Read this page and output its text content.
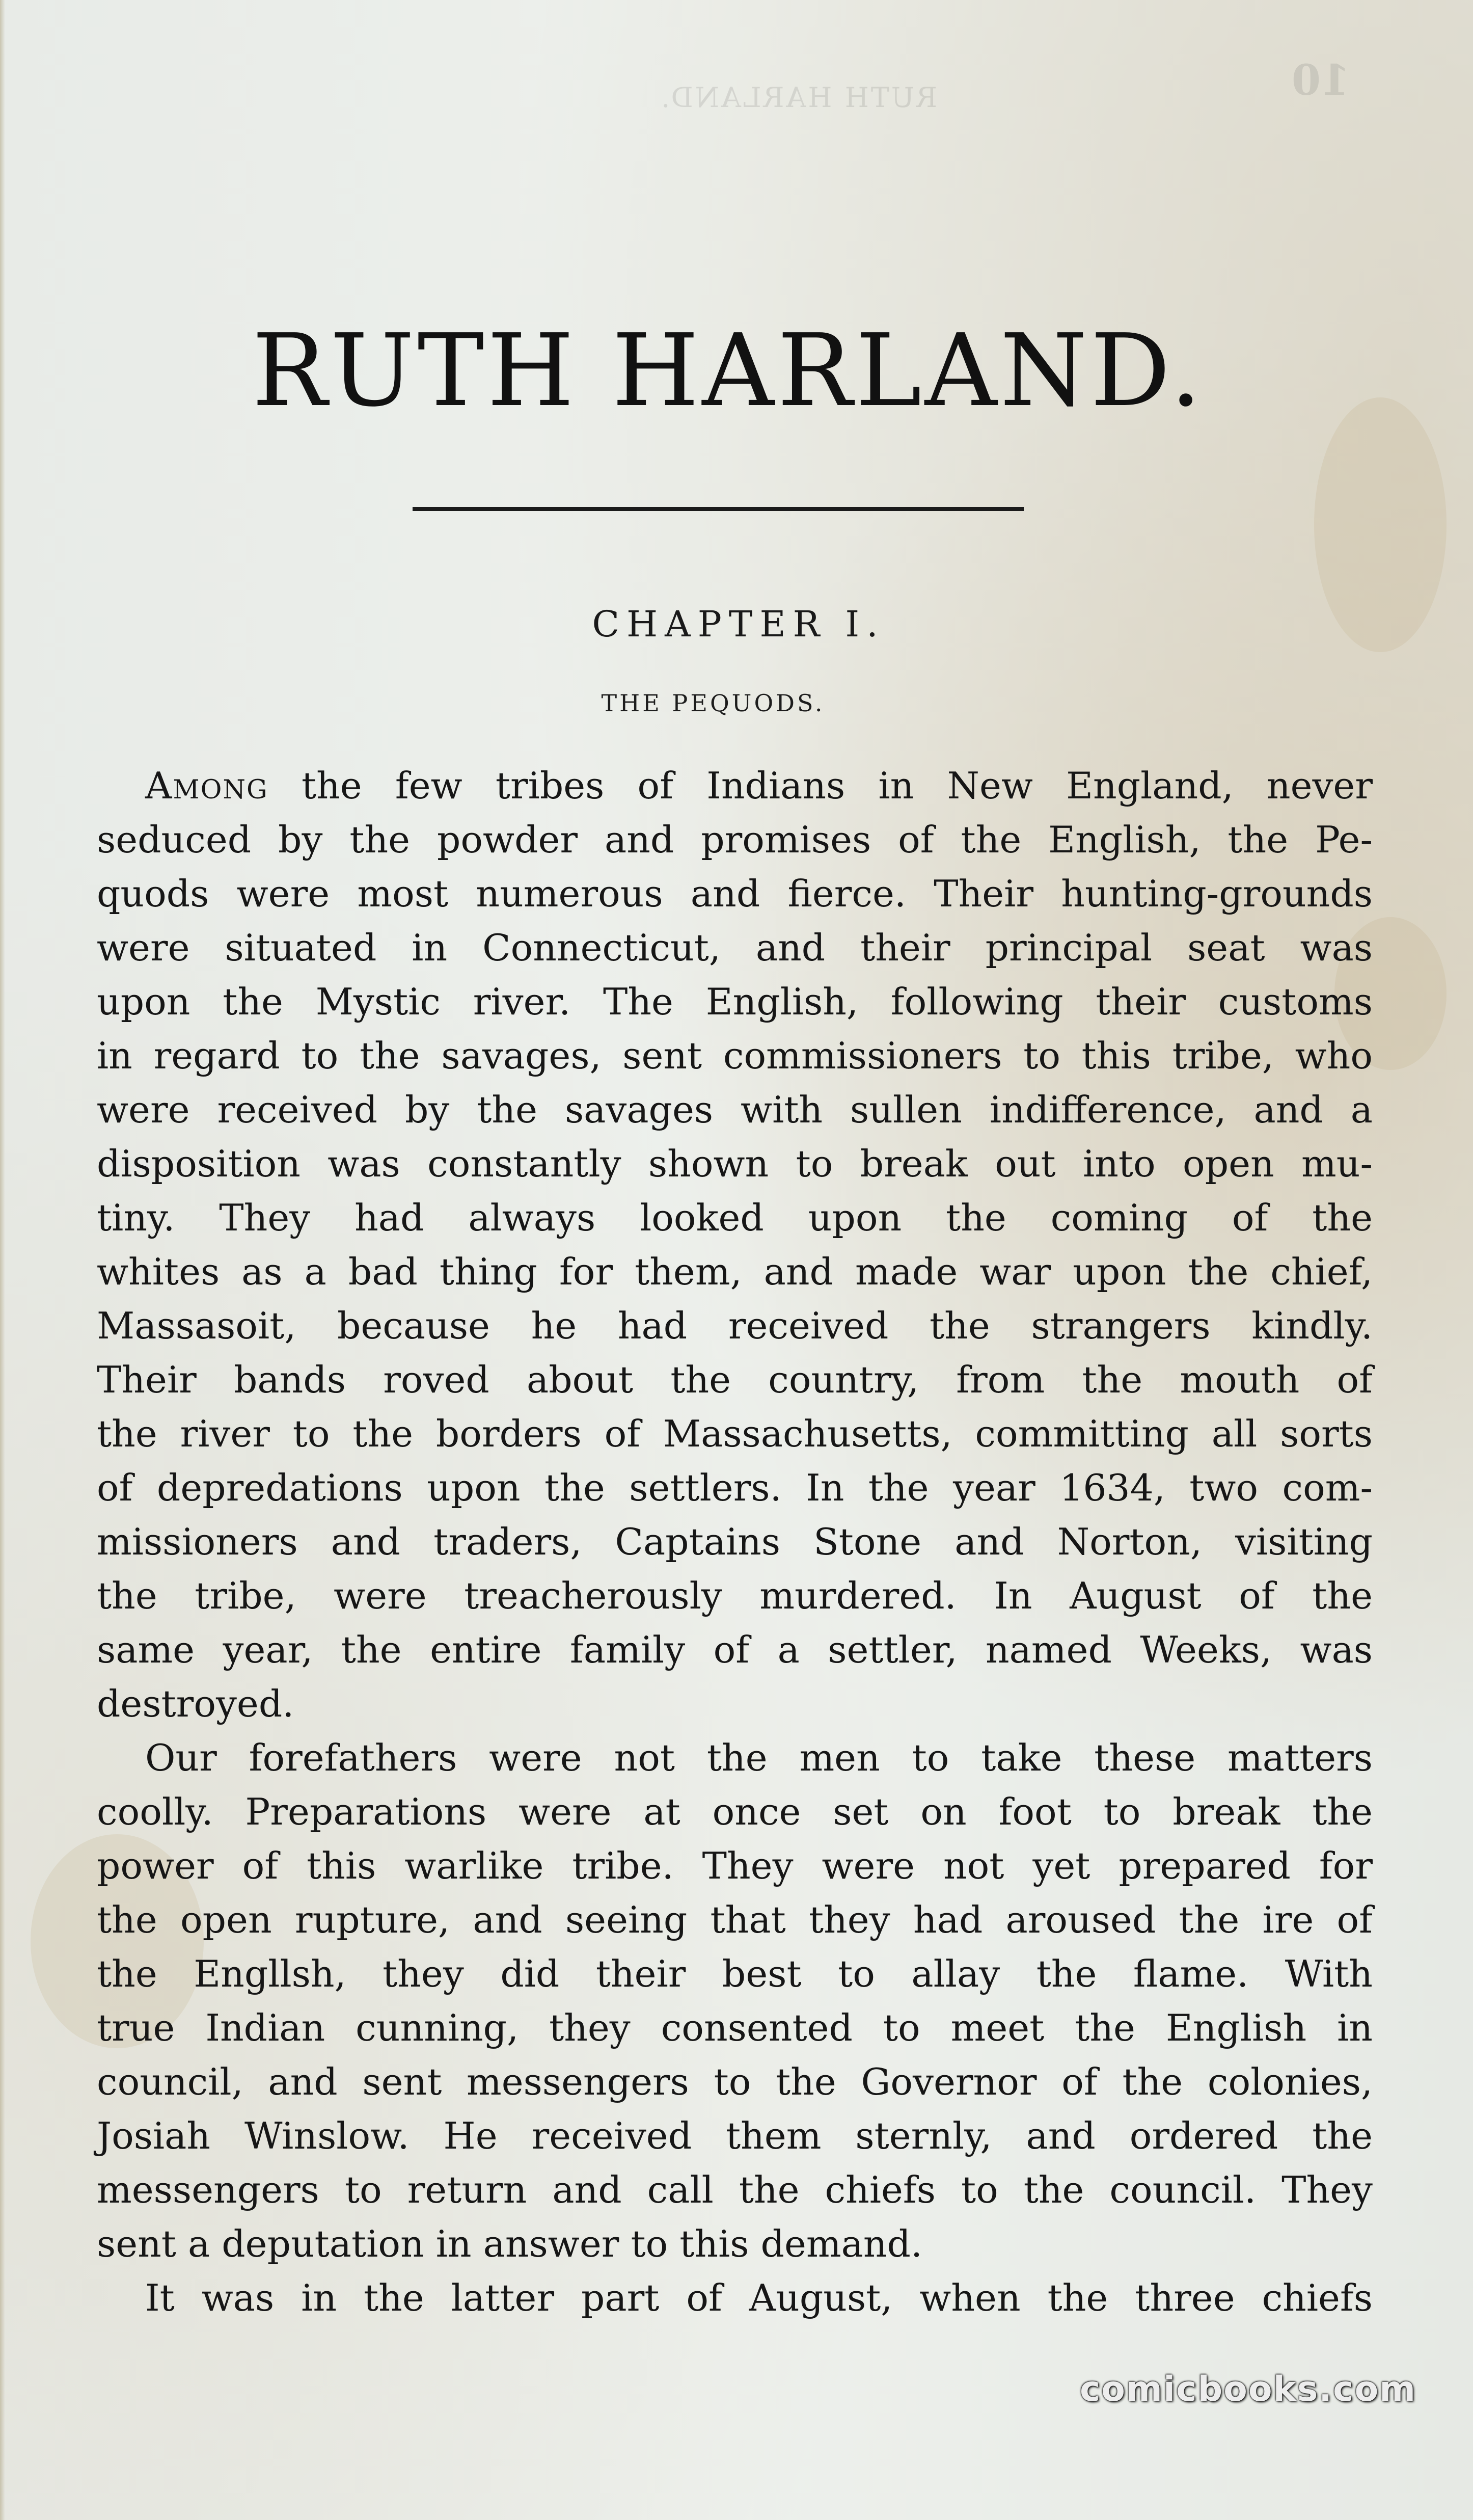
10
RUTH HARLAND.
RUTH HARLAND.
CHAPTER I.
THE PEQUODS.
Among the few tribes of Indians in New England, never
seduced by the powder and promises of the English, the Pe-
quods were most numerous and fierce. Their hunting-grounds
were situated in Connecticut, and their principal seat was
upon the Mystic river. The English, following their customs
in regard to the savages, sent commissioners to this tribe, who
were received by the savages with sullen indifference, and a
disposition was constantly shown to break out into open mu-
tiny. They had always looked upon the coming of the
whites as a bad thing for them, and made war upon the chief,
Massasoit, because he had received the strangers kindly.
Their bands roved about the country, from the mouth of
the river to the borders of Massachusetts, committing all sorts
of depredations upon the settlers. In the year 1634, two com-
missioners and traders, Captains Stone and Norton, visiting
the tribe, were treacherously murdered. In August of the
same year, the entire family of a settler, named Weeks, was
destroyed.
Our forefathers were not the men to take these matters
coolly. Preparations were at once set on foot to break the
power of this warlike tribe. They were not yet prepared for
the open rupture, and seeing that they had aroused the ire of
the Engllsh, they did their best to allay the flame. With
true Indian cunning, they consented to meet the English in
council, and sent messengers to the Governor of the colonies,
Josiah Winslow. He received them sternly, and ordered the
messengers to return and call the chiefs to the council. They
sent a deputation in answer to this demand.
It was in the latter part of August, when the three chiefs
comicbooks.com
